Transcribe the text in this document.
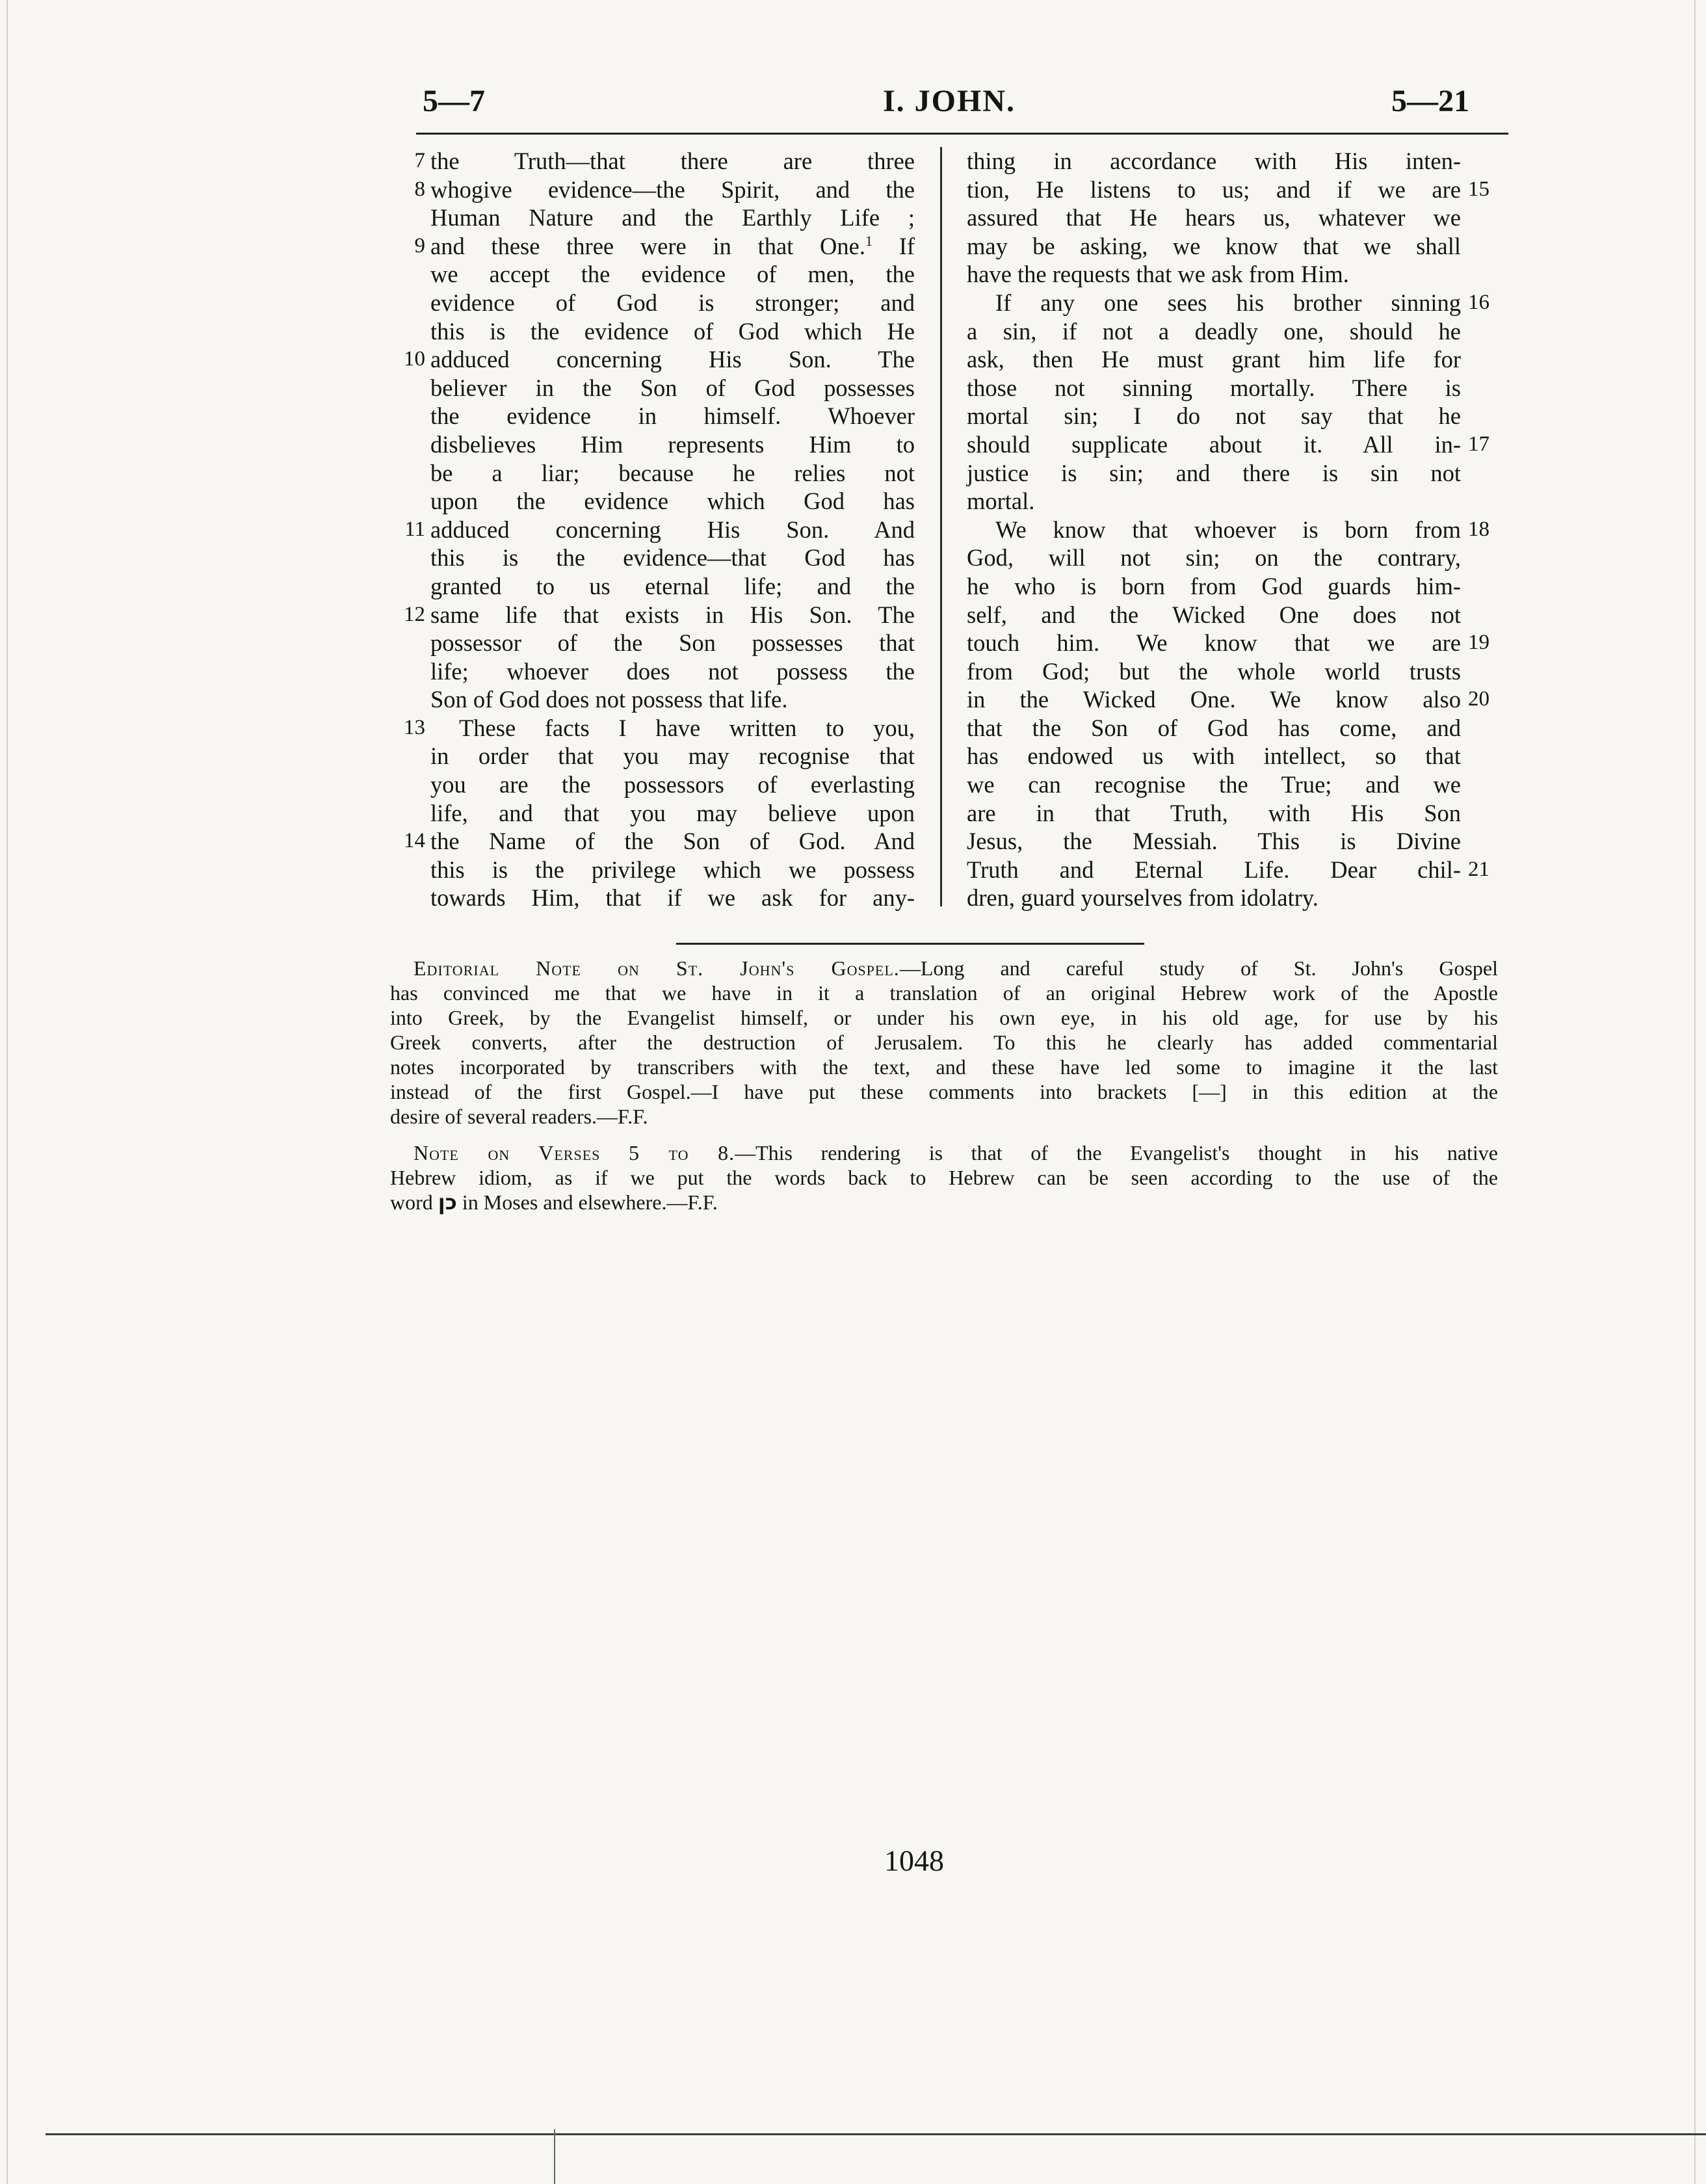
5—7	I. JOHN.	5—21
7
8
9
10
11
12
13
14
the Truth—that there are three
whogive evidence—the Spirit, and the
Human Nature and the Earthly Life ;
and these three were in that One.$^1$ If
we accept the evidence of men, the
evidence of God is stronger; and
this is the evidence of God which He
adduced concerning His Son. The
believer in the Son of God possesses
the evidence in himself. Whoever
disbelieves Him represents Him to
be a liar; because he relies not
upon the evidence which God has
adduced concerning His Son. And
this is the evidence—that God has
granted to us eternal life; and the
same life that exists in His Son. The
possessor of the Son possesses that
life; whoever does not possess the
Son of God does not possess that life.
These facts I have written to you,
in order that you may recognise that
you are the possessors of everlasting
life, and that you may believe upon
the Name of the Son of God. And
this is the privilege which we possess
towards Him, that if we ask for any-
thing in accordance with His inten-
tion, He listens to us; and if we are
assured that He hears us, whatever we
may be asking, we know that we shall
have the requests that we ask from Him.
If any one sees his brother sinning
a sin, if not a deadly one, should he
ask, then He must grant him life for
those not sinning mortally. There is
mortal sin; I do not say that he
should supplicate about it. All in-
justice is sin; and there is sin not
mortal.
We know that whoever is born from
God, will not sin; on the contrary,
he who is born from God guards him-
self, and the Wicked One does not
touch him. We know that we are
from God; but the whole world trusts
in the Wicked One. We know also
that the Son of God has come, and
has endowed us with intellect, so that
we can recognise the True; and we
are in that Truth, with His Son
Jesus, the Messiah. This is Divine
Truth and Eternal Life. Dear chil-
dren, guard yourselves from idolatry.
15
16
17
18
19
20
21
Editorial Note on St. John's Gospel.—Long and careful study of St. John's Gospel
has convinced me that we have in it a translation of an original Hebrew work of the Apostle
into Greek, by the Evangelist himself, or under his own eye, in his old age, for use by his
Greek converts, after the destruction of Jerusalem. To this he clearly has added commentarial
notes incorporated by transcribers with the text, and these have led some to imagine it the last
instead of the first Gospel.—I have put these comments into brackets [—] in this edition at the
desire of several readers.—F.F.
Note on Verses 5 to 8.—This rendering is that of the Evangelist's thought in his native
Hebrew idiom, as if we put the words back to Hebrew can be seen according to the use of the
word כן in Moses and elsewhere.—F.F.
1048
